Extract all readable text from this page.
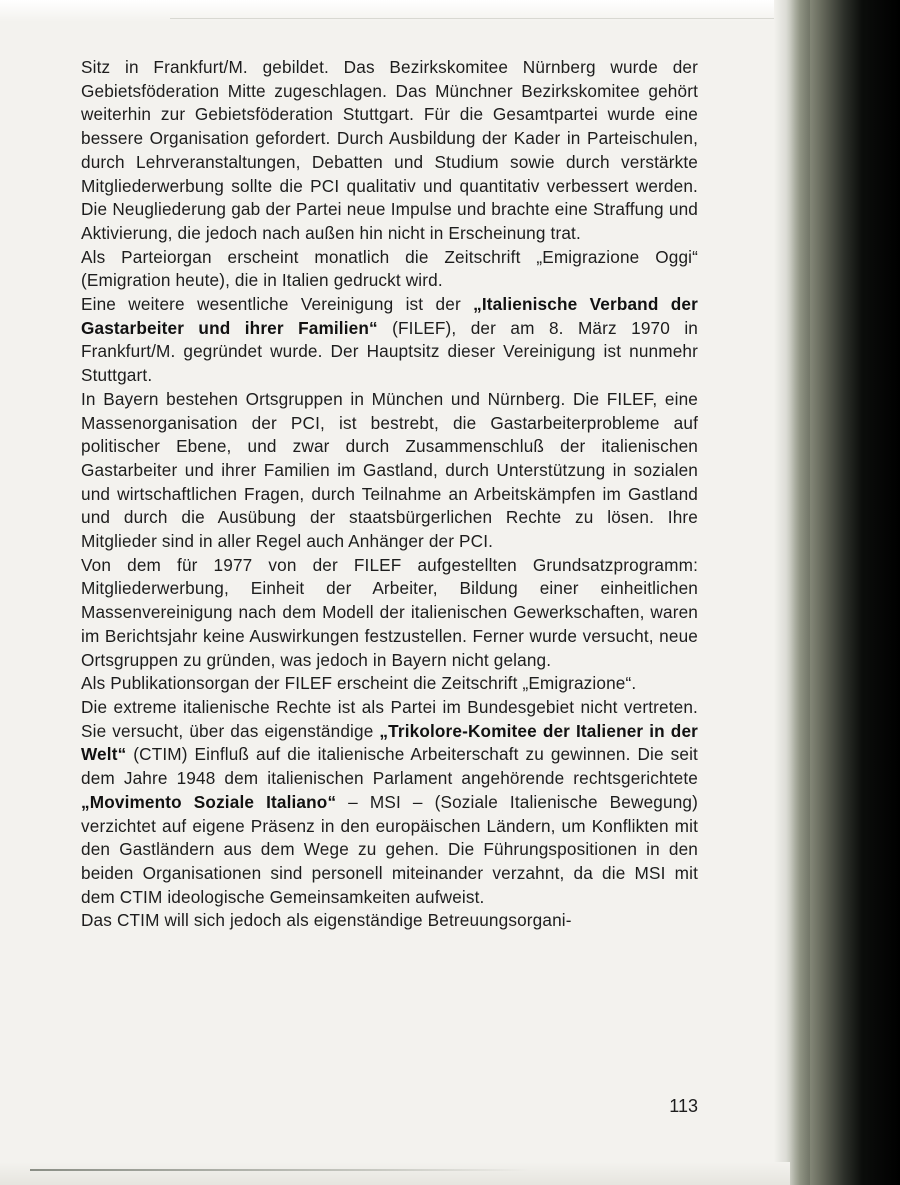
Sitz in Frankfurt/M. gebildet. Das Bezirkskomitee Nürnberg wurde der Gebietsföderation Mitte zugeschlagen. Das Münchner Bezirkskomitee gehört weiterhin zur Gebietsföderation Stuttgart. Für die Gesamtpartei wurde eine bessere Organisation gefordert. Durch Ausbildung der Kader in Parteischulen, durch Lehrveranstaltungen, Debatten und Studium sowie durch verstärkte Mitgliederwerbung sollte die PCI qualitativ und quantitativ verbessert werden. Die Neugliederung gab der Partei neue Impulse und brachte eine Straffung und Aktivierung, die jedoch nach außen hin nicht in Erscheinung trat.

Als Parteiorgan erscheint monatlich die Zeitschrift „Emigrazione Oggi“ (Emigration heute), die in Italien gedruckt wird.

Eine weitere wesentliche Vereinigung ist der „Italienische Verband der Gastarbeiter und ihrer Familien“ (FILEF), der am 8. März 1970 in Frankfurt/M. gegründet wurde. Der Hauptsitz dieser Vereinigung ist nunmehr Stuttgart.

In Bayern bestehen Ortsgruppen in München und Nürnberg. Die FILEF, eine Massenorganisation der PCI, ist bestrebt, die Gastarbeiterprobleme auf politischer Ebene, und zwar durch Zusammenschluß der italienischen Gastarbeiter und ihrer Familien im Gastland, durch Unterstützung in sozialen und wirtschaftlichen Fragen, durch Teilnahme an Arbeitskämpfen im Gastland und durch die Ausübung der staatsbürgerlichen Rechte zu lösen. Ihre Mitglieder sind in aller Regel auch Anhänger der PCI.

Von dem für 1977 von der FILEF aufgestellten Grundsatzprogramm: Mitgliederwerbung, Einheit der Arbeiter, Bildung einer einheitlichen Massenvereinigung nach dem Modell der italienischen Gewerkschaften, waren im Berichtsjahr keine Auswirkungen festzustellen. Ferner wurde versucht, neue Ortsgruppen zu gründen, was jedoch in Bayern nicht gelang.

Als Publikationsorgan der FILEF erscheint die Zeitschrift „Emigrazione“.

Die extreme italienische Rechte ist als Partei im Bundesgebiet nicht vertreten. Sie versucht, über das eigenständige „Trikolore-Komitee der Italiener in der Welt“ (CTIM) Einfluß auf die italienische Arbeiterschaft zu gewinnen. Die seit dem Jahre 1948 dem italienischen Parlament angehörende rechtsgerichtete „Movimento Soziale Italiano“ – MSI – (Soziale Italienische Bewegung) verzichtet auf eigene Präsenz in den europäischen Ländern, um Konflikten mit den Gastländern aus dem Wege zu gehen. Die Führungspositionen in den beiden Organisationen sind personell miteinander verzahnt, da die MSI mit dem CTIM ideologische Gemeinsamkeiten aufweist.

Das CTIM will sich jedoch als eigenständige Betreuungsorgani-

113
